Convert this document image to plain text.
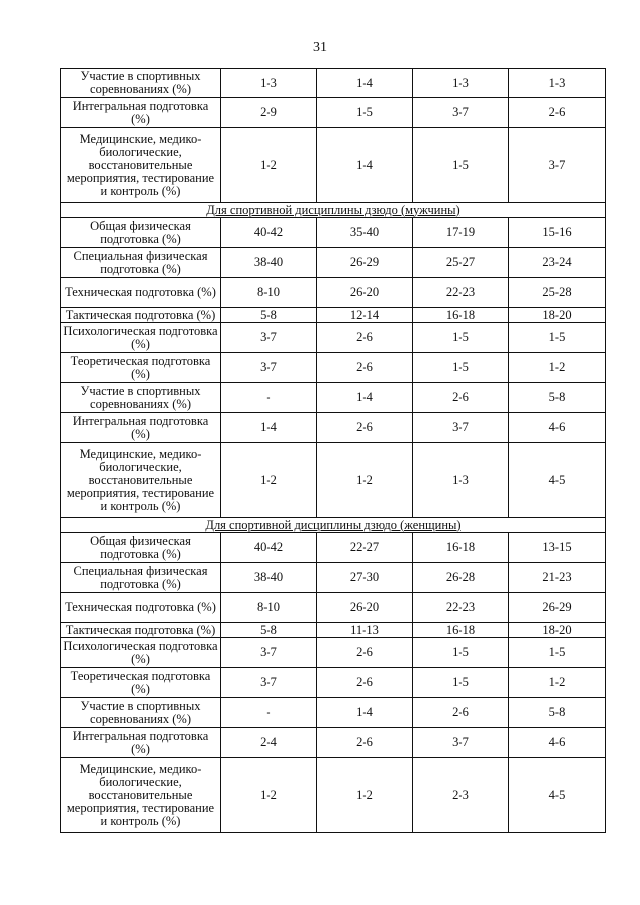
31
Участие в спортивных соревнованиях (%)	1-3	1-4	1-3	1-3
Интегральная подготовка (%)	2-9	1-5	3-7	2-6
Медицинские, медико-биологические, восстановительные мероприятия, тестирование и контроль (%)	1-2	1-4	1-5	3-7
Для спортивной дисциплины дзюдо (мужчины)				
Общая физическая подготовка (%)	40-42	35-40	17-19	15-16
Специальная физическая подготовка (%)	38-40	26-29	25-27	23-24
Техническая подготовка (%)	8-10	26-20	22-23	25-28
Тактическая подготовка (%)	5-8	12-14	16-18	18-20
Психологическая подготовка (%)	3-7	2-6	1-5	1-5
Теоретическая подготовка (%)	3-7	2-6	1-5	1-2
Участие в спортивных соревнованиях (%)	-	1-4	2-6	5-8
Интегральная подготовка (%)	1-4	2-6	3-7	4-6
Медицинские, медико-биологические, восстановительные мероприятия, тестирование и контроль (%)	1-2	1-2	1-3	4-5
Для спортивной дисциплины дзюдо (женщины)				
Общая физическая подготовка (%)	40-42	22-27	16-18	13-15
Специальная физическая подготовка (%)	38-40	27-30	26-28	21-23
Техническая подготовка (%)	8-10	26-20	22-23	26-29
Тактическая подготовка (%)	5-8	11-13	16-18	18-20
Психологическая подготовка (%)	3-7	2-6	1-5	1-5
Теоретическая подготовка (%)	3-7	2-6	1-5	1-2
Участие в спортивных соревнованиях (%)	-	1-4	2-6	5-8
Интегральная подготовка (%)	2-4	2-6	3-7	4-6
Медицинские, медико-биологические, восстановительные мероприятия, тестирование и контроль (%)	1-2	1-2	2-3	4-5
